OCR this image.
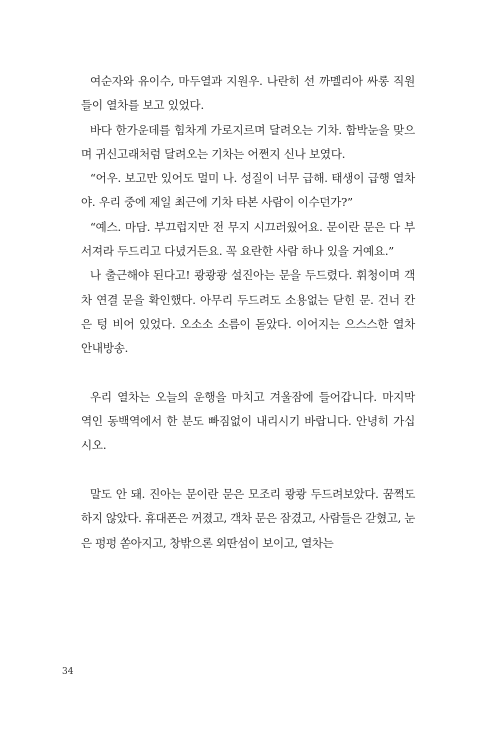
여순자와 유이수, 마두열과 지원우. 나란히 선 까멜리아 싸롱 직원들이 열차를 보고 있었다.

바다 한가운데를 힘차게 가로지르며 달려오는 기차. 함박눈을 맞으며 귀신고래처럼 달려오는 기차는 어쩐지 신나 보였다.

“어우. 보고만 있어도 멀미 나. 성질이 너무 급해. 태생이 급행 열차야. 우리 중에 제일 최근에 기차 타본 사람이 이수던가?”

“예스. 마담. 부끄럽지만 전 무지 시끄러웠어요. 문이란 문은 다 부서져라 두드리고 다녔거든요. 꼭 요란한 사람 하나 있을 거예요.”

나 출근해야 된다고! 쾅쾅쾅 설진아는 문을 두드렸다. 휘청이며 객차 연결 문을 확인했다. 아무리 두드려도 소용없는 닫힌 문. 건너 칸은 텅 비어 있었다. 오소소 소름이 돋았다. 이어지는 으스스한 열차 안내방송.

우리 열차는 오늘의 운행을 마치고 겨울잠에 들어갑니다. 마지막 역인 동백역에서 한 분도 빠짐없이 내리시기 바랍니다. 안녕히 가십시오.

말도 안 돼. 진아는 문이란 문은 모조리 쾅쾅 두드려보았다. 꿈쩍도 하지 않았다. 휴대폰은 꺼졌고, 객차 문은 잠겼고, 사람들은 갇혔고, 눈은 펑펑 쏟아지고, 창밖으론 외딴섬이 보이고, 열차는

34
